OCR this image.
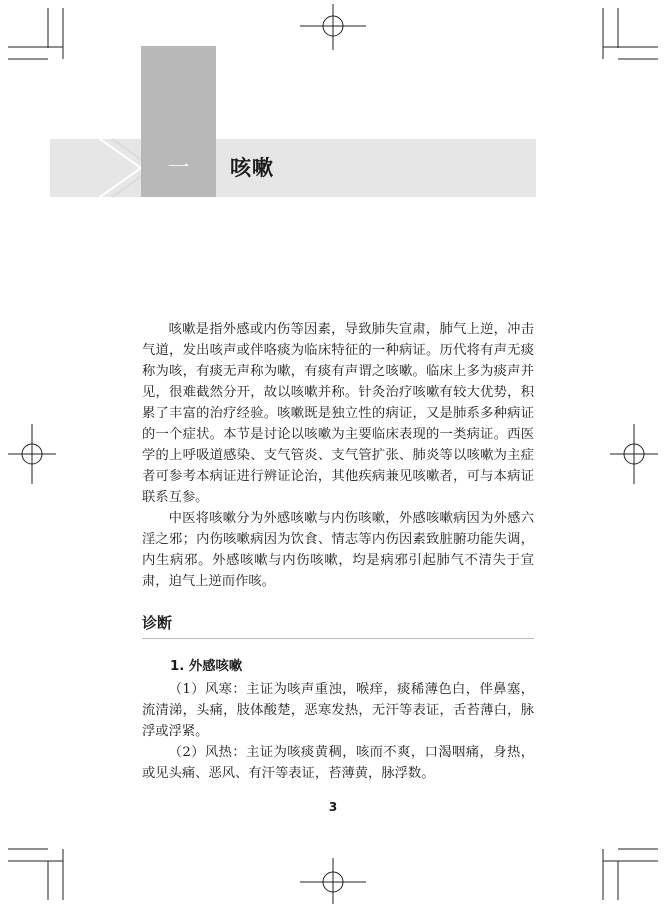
一	咳嗽

咳嗽是指外感或内伤等因素，导致肺失宣肃，肺气上逆，冲击气道，发出咳声或伴咯痰为临床特征的一种病证。历代将有声无痰称为咳，有痰无声称为嗽，有痰有声谓之咳嗽。临床上多为痰声并见，很难截然分开，故以咳嗽并称。针灸治疗咳嗽有较大优势，积累了丰富的治疗经验。咳嗽既是独立性的病证，又是肺系多种病证的一个症状。本节是讨论以咳嗽为主要临床表现的一类病证。西医学的上呼吸道感染、支气管炎、支气管扩张、肺炎等以咳嗽为主症者可参考本病证进行辨证论治，其他疾病兼见咳嗽者，可与本病证联系互参。

中医将咳嗽分为外感咳嗽与内伤咳嗽，外感咳嗽病因为外感六淫之邪；内伤咳嗽病因为饮食、情志等内伤因素致脏腑功能失调，内生病邪。外感咳嗽与内伤咳嗽，均是病邪引起肺气不清失于宣肃，迫气上逆而作咳。

诊断
1. 外感咳嗽

（1）风寒：主证为咳声重浊，喉痒，痰稀薄色白，伴鼻塞，流清涕，头痛，肢体酸楚，恶寒发热，无汗等表证，舌苔薄白，脉浮或浮紧。

（2）风热：主证为咳痰黄稠，咳而不爽，口渴咽痛，身热，或见头痛、恶风、有汗等表证，苔薄黄，脉浮数。

3
